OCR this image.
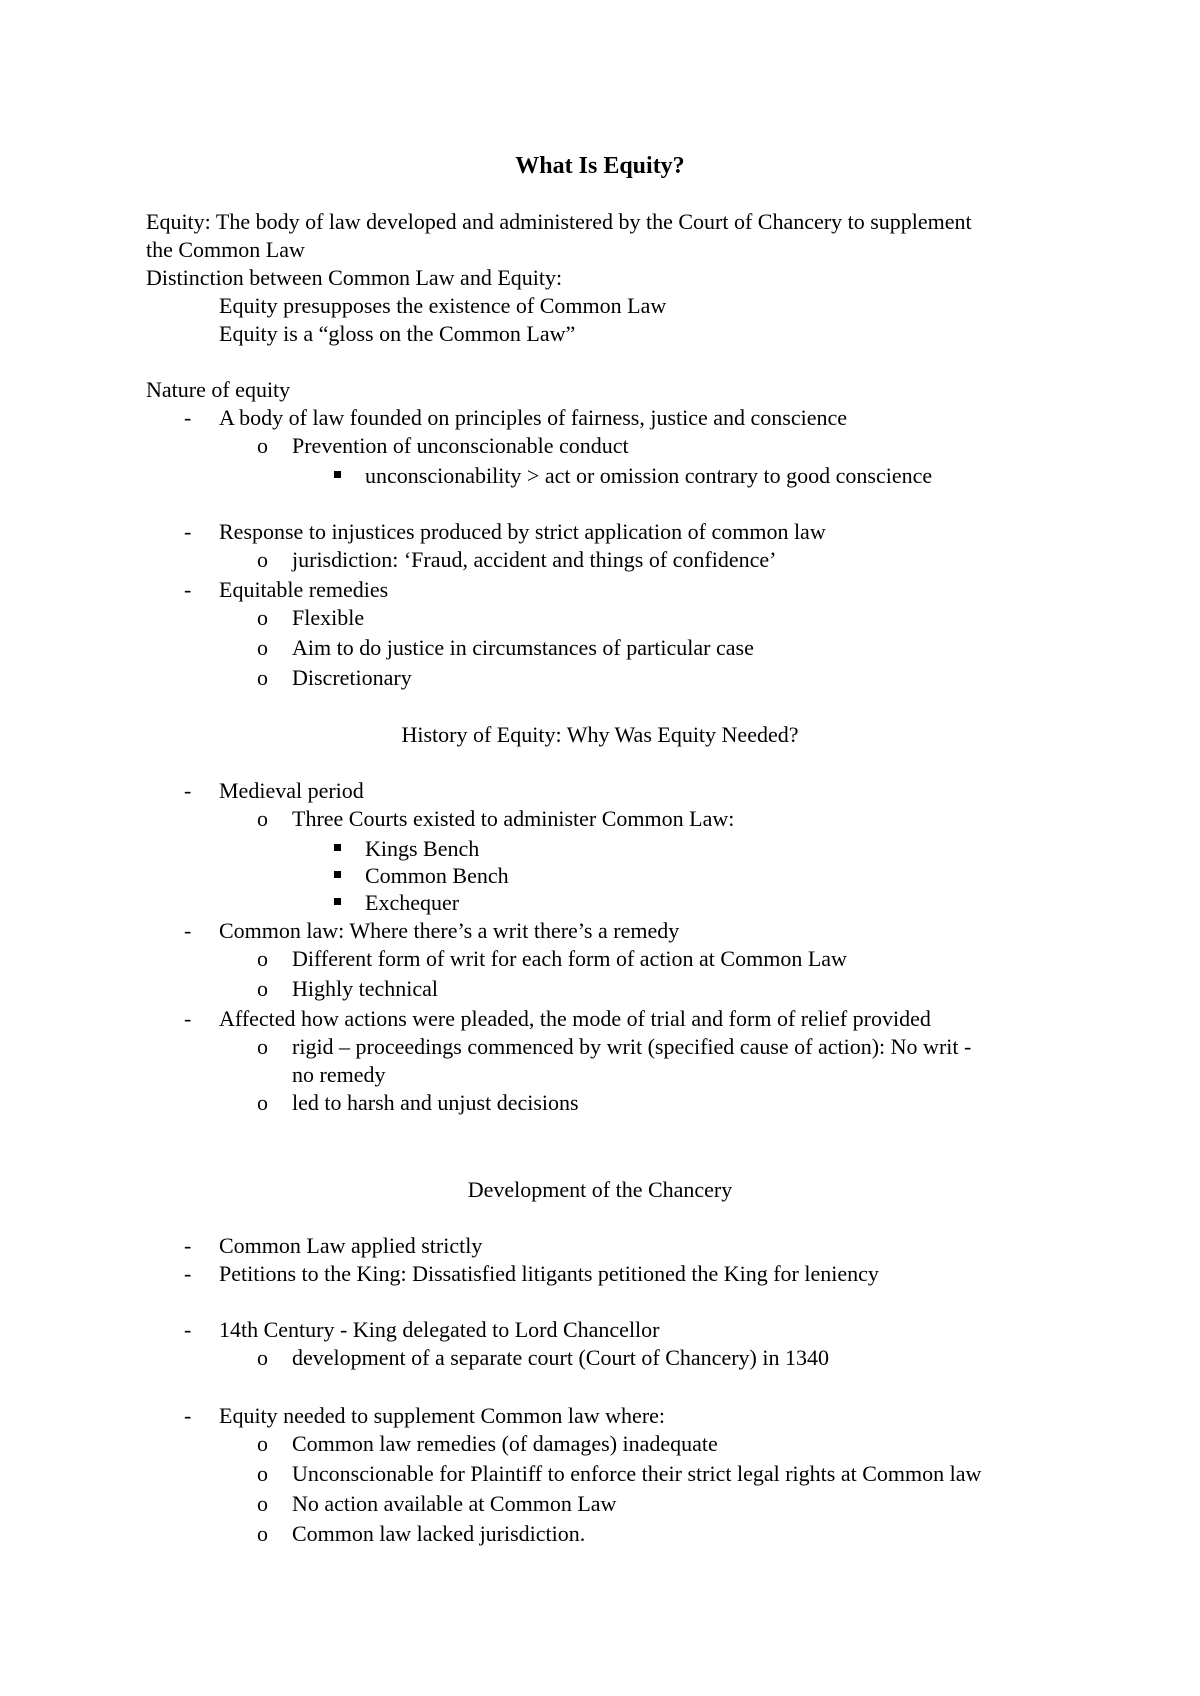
What Is Equity?
Equity: The body of law developed and administered by the Court of Chancery to supplement
the Common Law
Distinction between Common Law and Equity:
Equity presupposes the existence of Common Law
Equity is a “gloss on the Common Law”
Nature of equity
- A body of law founded on principles of fairness, justice and conscience
o Prevention of unconscionable conduct
unconscionability > act or omission contrary to good conscience
- Response to injustices produced by strict application of common law
o jurisdiction: ‘Fraud, accident and things of confidence’
- Equitable remedies
o Flexible
o Aim to do justice in circumstances of particular case
o Discretionary
History of Equity: Why Was Equity Needed?
- Medieval period
o Three Courts existed to administer Common Law:
Kings Bench
Common Bench
Exchequer
- Common law: Where there’s a writ there’s a remedy
o Different form of writ for each form of action at Common Law
o Highly technical
- Affected how actions were pleaded, the mode of trial and form of relief provided
o rigid – proceedings commenced by writ (specified cause of action): No writ -
no remedy
o led to harsh and unjust decisions
Development of the Chancery
- Common Law applied strictly
- Petitions to the King: Dissatisfied litigants petitioned the King for leniency
- 14th Century - King delegated to Lord Chancellor
o development of a separate court (Court of Chancery) in 1340
- Equity needed to supplement Common law where:
o Common law remedies (of damages) inadequate
o Unconscionable for Plaintiff to enforce their strict legal rights at Common law
o No action available at Common Law
o Common law lacked jurisdiction.
